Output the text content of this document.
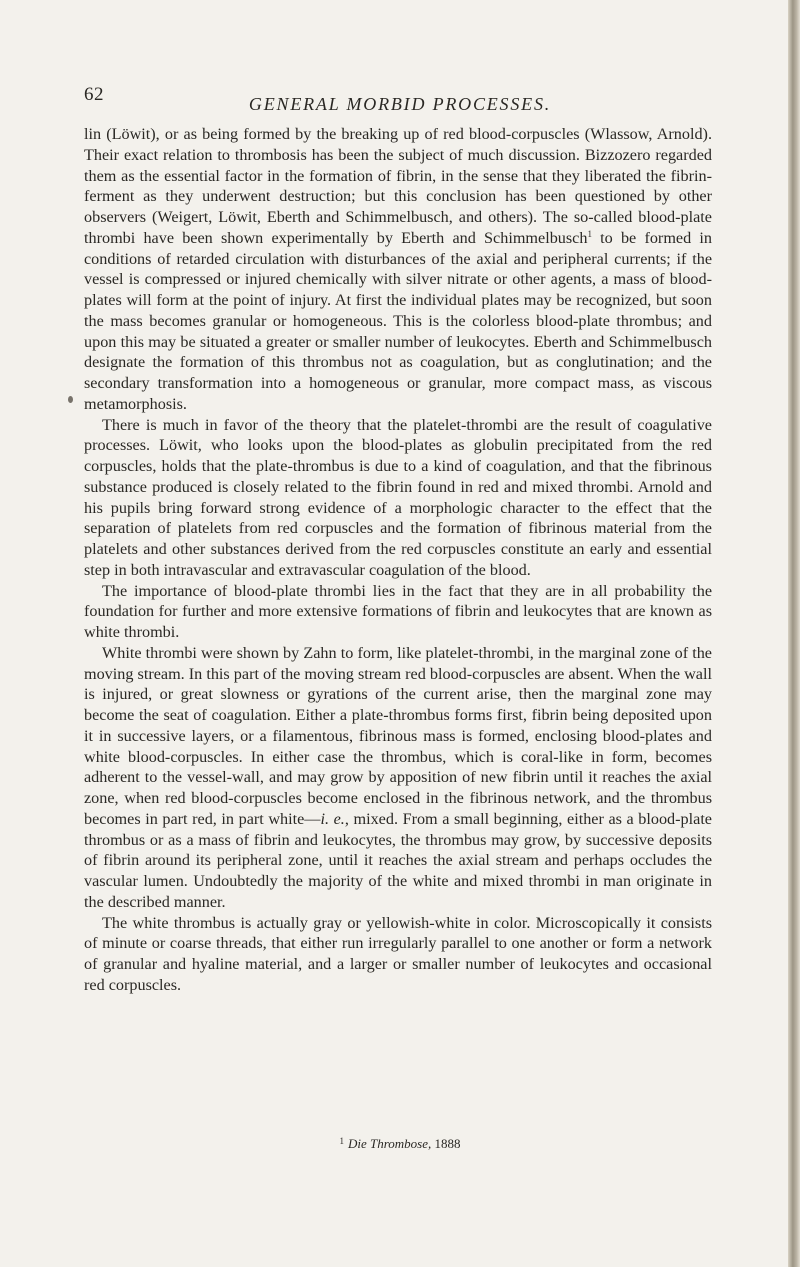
62	GENERAL MORBID PROCESSES.

lin (Löwit), or as being formed by the breaking up of red blood-corpuscles (Wlassow, Arnold). Their exact relation to thrombosis has been the subject of much discussion. Bizzozero regarded them as the essential factor in the formation of fibrin, in the sense that they liberated the fibrin-ferment as they underwent destruction; but this conclusion has been questioned by other observers (Weigert, Löwit, Eberth and Schimmelbusch, and others). The so-called blood-plate thrombi have been shown experimentally by Eberth and Schimmelbusch$^1$ to be formed in conditions of retarded circulation with disturbances of the axial and peripheral currents; if the vessel is compressed or injured chemically with silver nitrate or other agents, a mass of blood-plates will form at the point of injury. At first the individual plates may be recognized, but soon the mass becomes granular or homogeneous. This is the colorless blood-plate thrombus; and upon this may be situated a greater or smaller number of leukocytes. Eberth and Schimmelbusch designate the formation of this thrombus not as coagulation, but as conglutination; and the secondary transformation into a homogeneous or granular, more compact mass, as viscous metamorphosis.

There is much in favor of the theory that the platelet-thrombi are the result of coagulative processes. Löwit, who looks upon the blood-plates as globulin precipitated from the red corpuscles, holds that the plate-thrombus is due to a kind of coagulation, and that the fibrinous substance produced is closely related to the fibrin found in red and mixed thrombi. Arnold and his pupils bring forward strong evidence of a morphologic character to the effect that the separation of platelets from red corpuscles and the formation of fibrinous material from the platelets and other substances derived from the red corpuscles constitute an early and essential step in both intravascular and extravascular coagulation of the blood.

The importance of blood-plate thrombi lies in the fact that they are in all probability the foundation for further and more extensive formations of fibrin and leukocytes that are known as white thrombi.

White thrombi were shown by Zahn to form, like platelet-thrombi, in the marginal zone of the moving stream. In this part of the moving stream red blood-corpuscles are absent. When the wall is injured, or great slowness or gyrations of the current arise, then the marginal zone may become the seat of coagulation. Either a plate-thrombus forms first, fibrin being deposited upon it in successive layers, or a filamentous, fibrinous mass is formed, enclosing blood-plates and white blood-corpuscles. In either case the thrombus, which is coral-like in form, becomes adherent to the vessel-wall, and may grow by apposition of new fibrin until it reaches the axial zone, when red blood-corpuscles become enclosed in the fibrinous network, and the thrombus becomes in part red, in part white—i. e., mixed. From a small beginning, either as a blood-plate thrombus or as a mass of fibrin and leukocytes, the thrombus may grow, by successive deposits of fibrin around its peripheral zone, until it reaches the axial stream and perhaps occludes the vascular lumen. Undoubtedly the majority of the white and mixed thrombi in man originate in the described manner.

The white thrombus is actually gray or yellowish-white in color. Microscopically it consists of minute or coarse threads, that either run irregularly parallel to one another or form a network of granular and hyaline material, and a larger or smaller number of leukocytes and occasional red corpuscles.

$^1$ Die Thrombose, 1888
